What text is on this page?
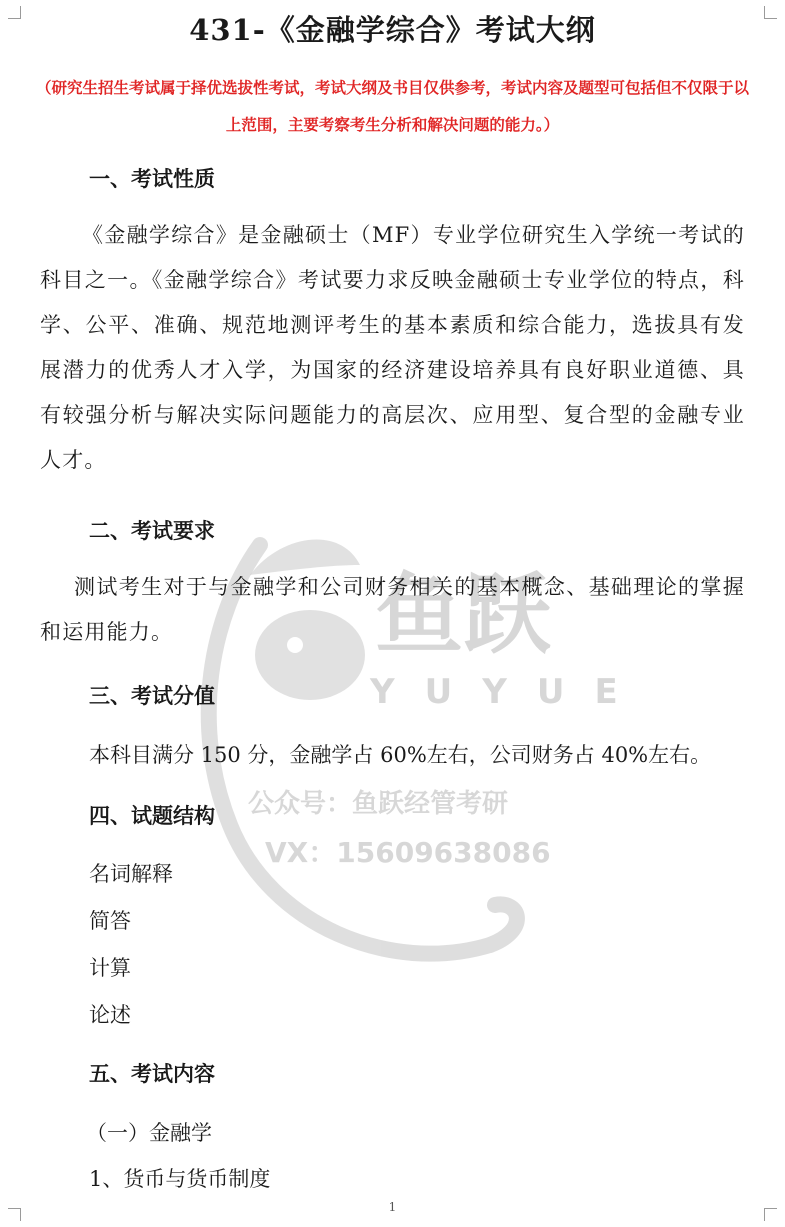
鱼跃
YUYUE
公众号：鱼跃经管考研
VX：15609638086
431-《金融学综合》考试大纲

（研究生招生考试属于择优选拔性考试，考试大纲及书目仅供参考，考试内容及题型可包括但不仅限于以上范围，主要考察考生分析和解决问题的能力。）

一、考试性质

《金融学综合》是金融硕士（MF）专业学位研究生入学统一考试的科目之一。《金融学综合》考试要力求反映金融硕士专业学位的特点，科学、公平、准确、规范地测评考生的基本素质和综合能力，选拔具有发展潜力的优秀人才入学，为国家的经济建设培养具有良好职业道德、具有较强分析与解决实际问题能力的高层次、应用型、复合型的金融专业人才。

二、考试要求

测试考生对于与金融学和公司财务相关的基本概念、基础理论的掌握和运用能力。

三、考试分值

本科目满分 150 分，金融学占 60%左右，公司财务占 40%左右。

四、试题结构

名词解释

简答

计算

论述

五、考试内容

（一）金融学

1、货币与货币制度

1
